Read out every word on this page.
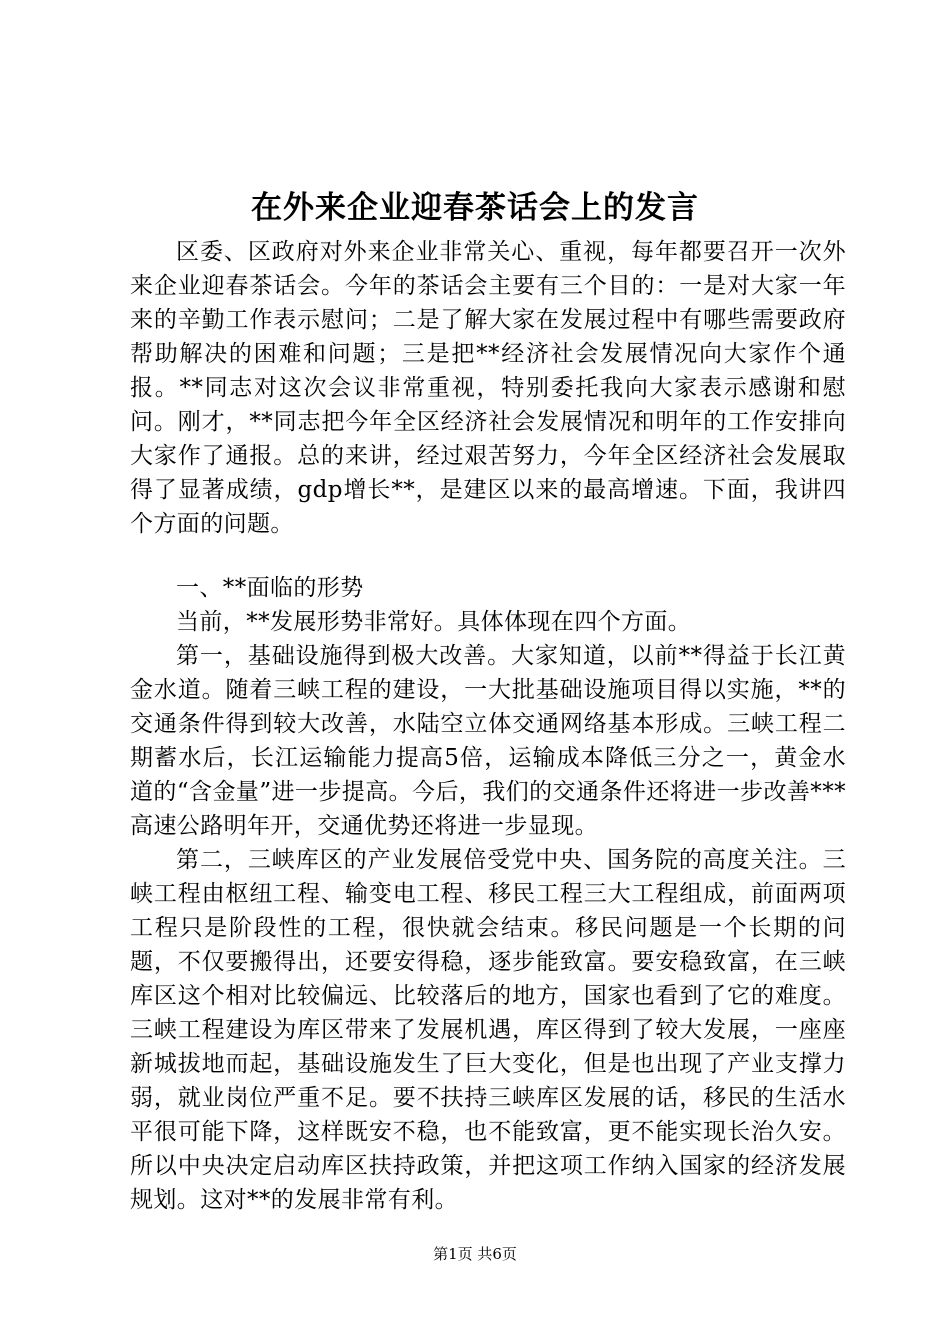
在外来企业迎春茶话会上的发言

区委、区政府对外来企业非常关心、重视，每年都要召开一次外来企业迎春茶话会。今年的茶话会主要有三个目的：一是对大家一年来的辛勤工作表示慰问；二是了解大家在发展过程中有哪些需要政府帮助解决的困难和问题；三是把**经济社会发展情况向大家作个通报。**同志对这次会议非常重视，特别委托我向大家表示感谢和慰问。刚才，**同志把今年全区经济社会发展情况和明年的工作安排向大家作了通报。总的来讲，经过艰苦努力，今年全区经济社会发展取得了显著成绩，gdp增长**，是建区以来的最高增速。下面，我讲四个方面的问题。

一、**面临的形势

当前，**发展形势非常好。具体体现在四个方面。

第一，基础设施得到极大改善。大家知道，以前**得益于长江黄金水道。随着三峡工程的建设，一大批基础设施项目得以实施，**的交通条件得到较大改善，水陆空立体交通网络基本形成。三峡工程二期蓄水后，长江运输能力提高5倍，运输成本降低三分之一，黄金水道的“含金量”进一步提高。今后，我们的交通条件还将进一步改善***高速公路明年开，交通优势还将进一步显现。

第二，三峡库区的产业发展倍受党中央、国务院的高度关注。三峡工程由枢纽工程、输变电工程、移民工程三大工程组成，前面两项工程只是阶段性的工程，很快就会结束。移民问题是一个长期的问题，不仅要搬得出，还要安得稳，逐步能致富。要安稳致富，在三峡库区这个相对比较偏远、比较落后的地方，国家也看到了它的难度。三峡工程建设为库区带来了发展机遇，库区得到了较大发展，一座座新城拔地而起，基础设施发生了巨大变化，但是也出现了产业支撑力弱，就业岗位严重不足。要不扶持三峡库区发展的话，移民的生活水平很可能下降，这样既安不稳，也不能致富，更不能实现长治久安。所以中央决定启动库区扶持政策，并把这项工作纳入国家的经济发展规划。这对**的发展非常有利。

第1页 共6页
